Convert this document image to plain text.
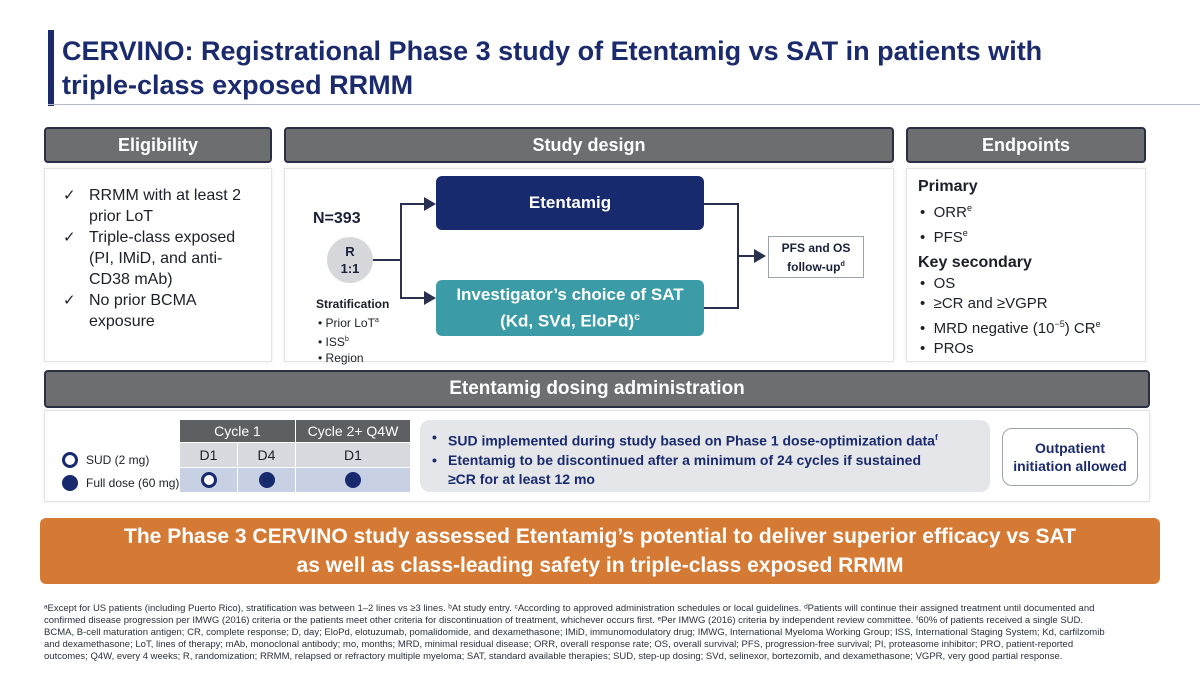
CERVINO: Registrational Phase 3 study of Etentamig vs SAT in patients with
triple-class exposed RRMM
Eligibility
✓ RRMM with at least 2
prior LoT
✓ Triple-class exposed
(PI, IMiD, and anti-
CD38 mAb)
✓ No prior BCMA
exposure
Study design
N=393
R
1:1
Etentamig
Investigator’s choice of SAT
(Kd, SVd, EloPd)$^c$
PFS and OS
follow-$up^d$
Stratification
• Prior LoT$^a$
• ISS$^b$
• Region
Endpoints
Primary
•  ORR$^e$
•  PFS$^e$
Key secondary
•  OS
•  ≥CR and ≥VGPR
•  MRD negative $(10^{-5})$ $CR^e$
•  PROs
Etentamig dosing administration
SUD (2 mg)
Full dose (60 mg)
Cycle 1	Cycle 2+ Q4W
D1	D4	D1
• SUD implemented during study based on Phase 1 dose-optimization data$^f$
• Etentamig to be discontinued after a minimum of 24 cycles if sustained
≥CR for at least 12 mo
Outpatient
initiation allowed
The Phase 3 CERVINO study assessed Etentamig’s potential to deliver superior efficacy vs SAT
as well as class-leading safety in triple-class exposed RRMM
ᵃExcept for US patients (including Puerto Rico), stratification was between 1–2 lines vs ≥3 lines. ᵇAt study entry. ᶜAccording to approved administration schedules or local guidelines. ᵈPatients will continue their assigned treatment until documented and
confirmed disease progression per IMWG (2016) criteria or the patients meet other criteria for discontinuation of treatment, whichever occurs first. ᵉPer IMWG (2016) criteria by independent review committee. ᶠ60% of patients received a single SUD.
BCMA, B-cell maturation antigen; CR, complete response; D, day; EloPd, elotuzumab, pomalidomide, and dexamethasone; IMiD, immunomodulatory drug; IMWG, International Myeloma Working Group; ISS, International Staging System; Kd, carfilzomib
and dexamethasone; LoT, lines of therapy; mAb, monoclonal antibody; mo, months; MRD, minimal residual disease; ORR, overall response rate; OS, overall survival; PFS, progression-free survival; PI, proteasome inhibitor; PRO, patient-reported
outcomes; Q4W, every 4 weeks; R, randomization; RRMM, relapsed or refractory multiple myeloma; SAT, standard available therapies; SUD, step-up dosing; SVd, selinexor, bortezomib, and dexamethasone; VGPR, very good partial response.
